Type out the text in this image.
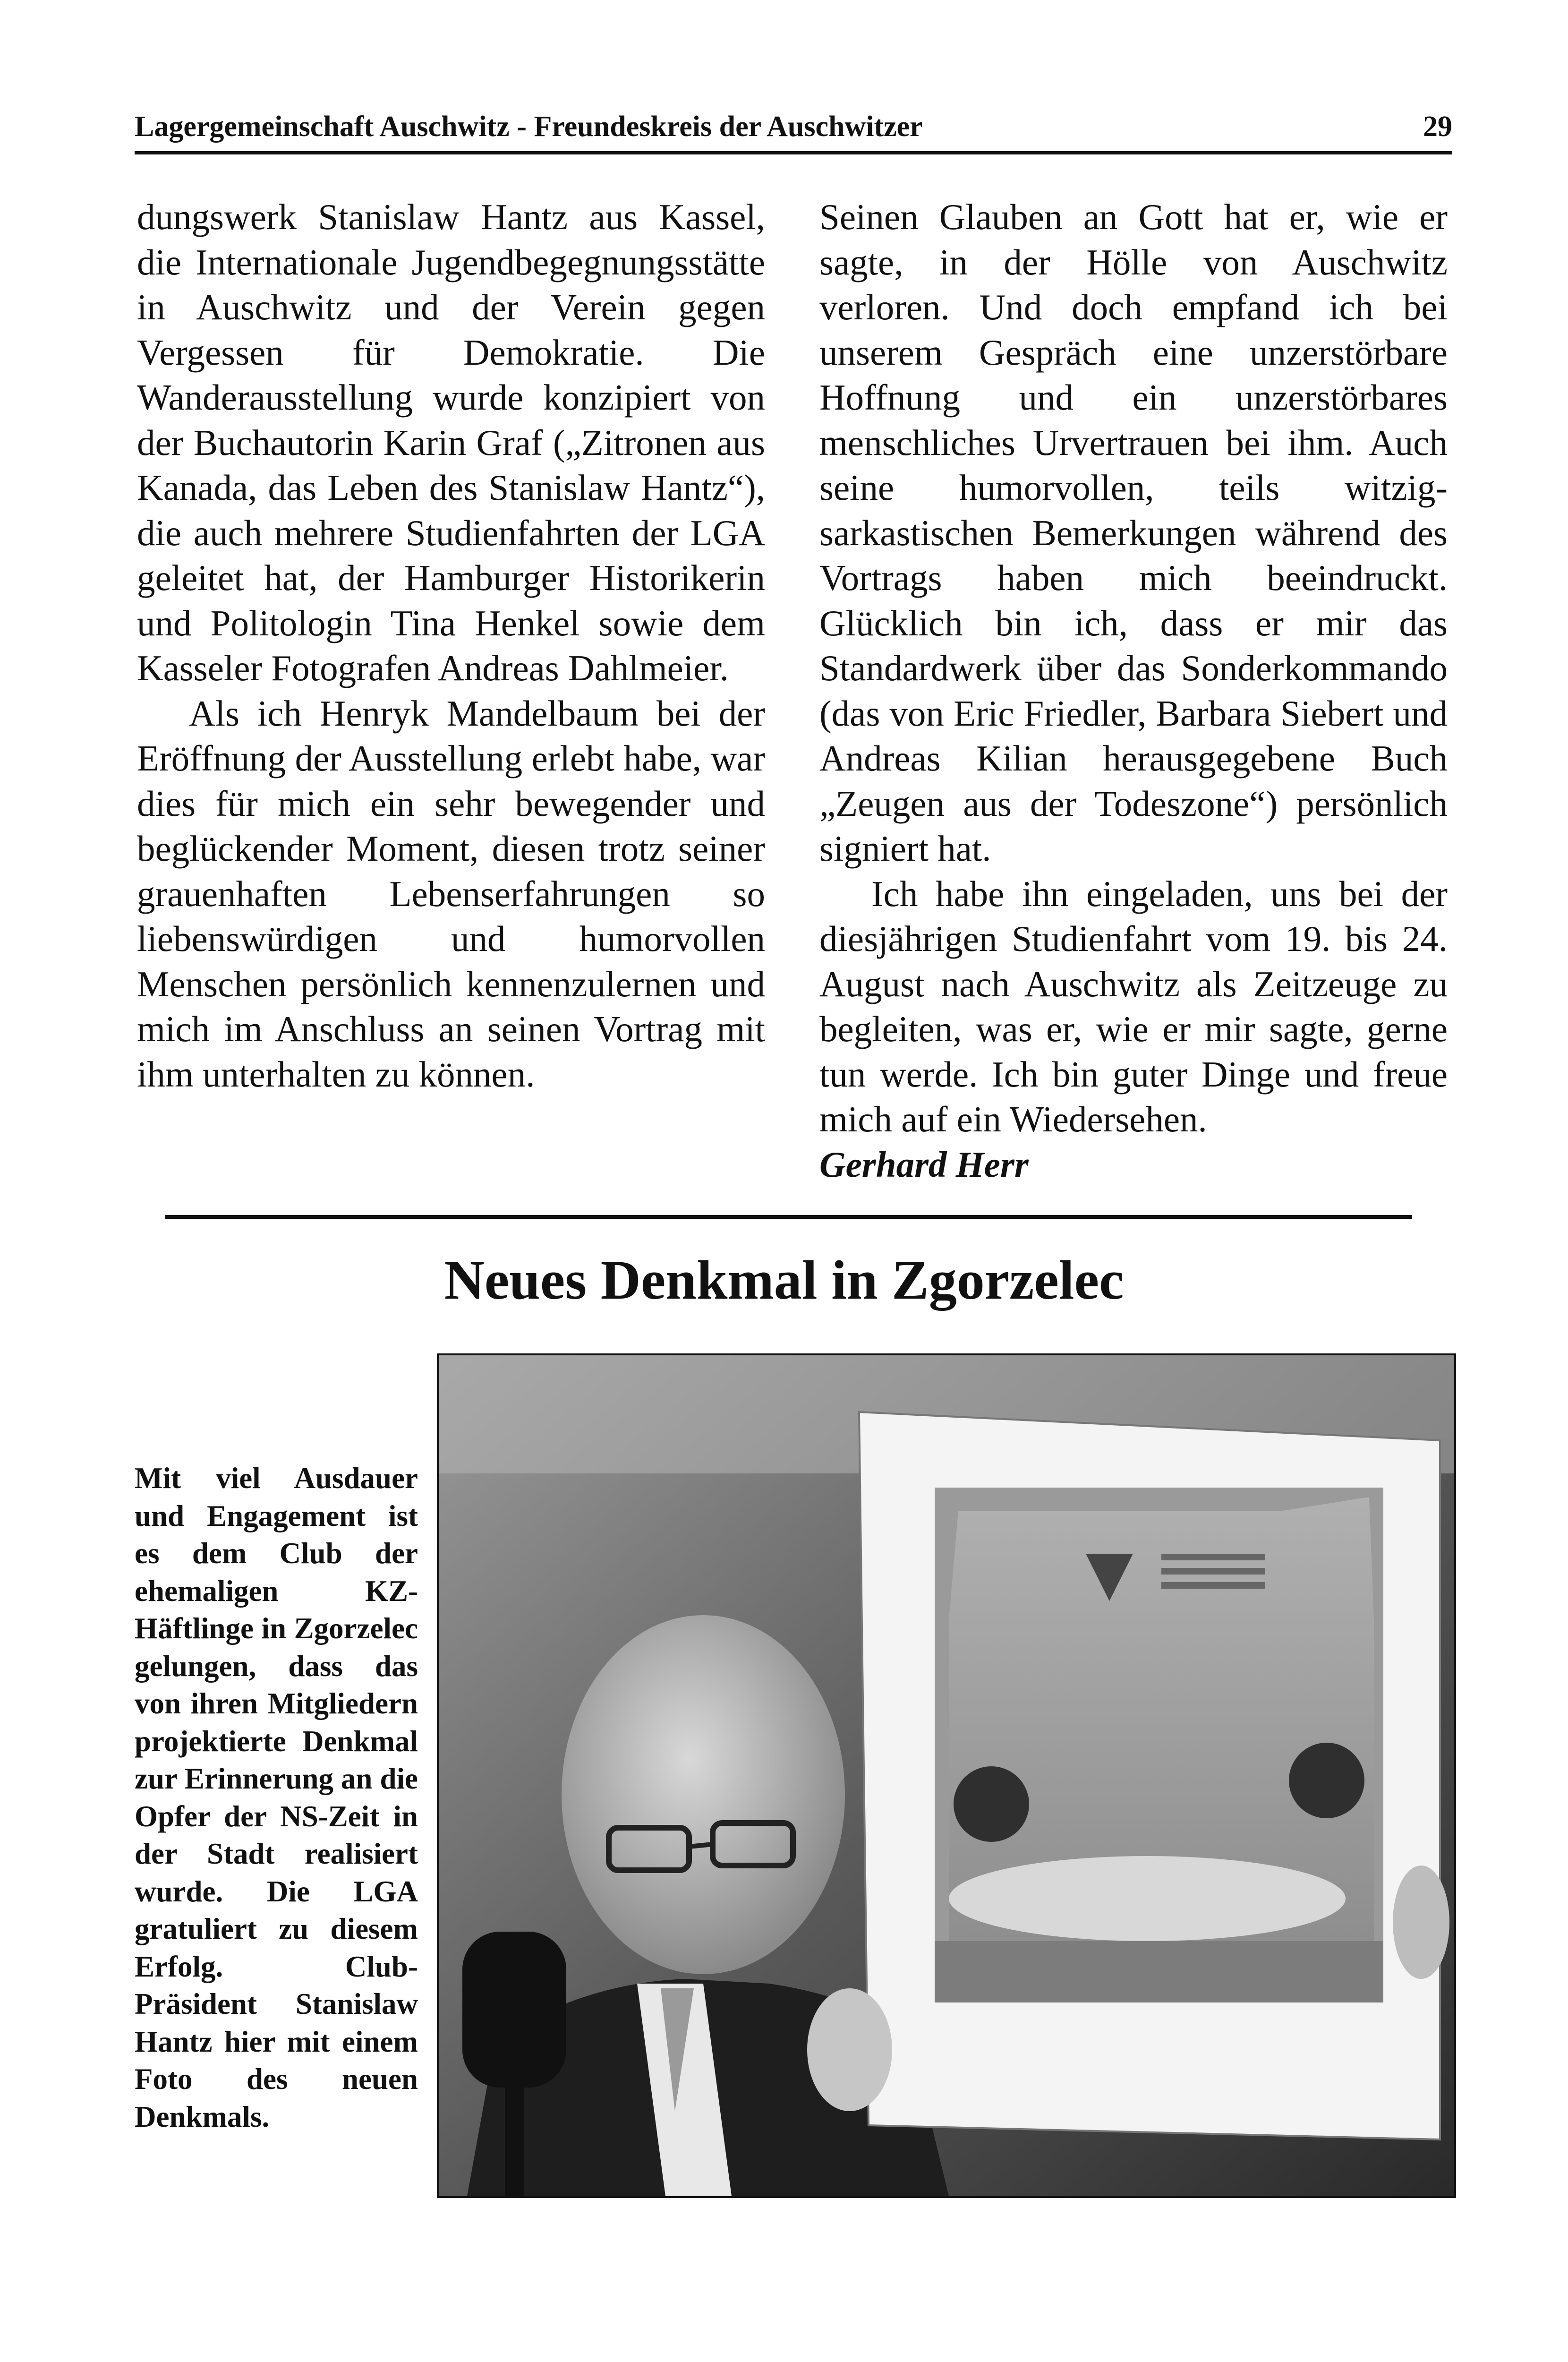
Lagergemeinschaft Auschwitz - Freundeskreis der Auschwitzer	29

dungswerk Stanislaw Hantz aus Kassel, die Internationale Jugendbegegnungsstätte in Auschwitz und der Verein gegen Vergessen für Demokratie. Die Wanderausstellung wurde konzipiert von der Buchautorin Karin Graf („Zitronen aus Kanada, das Leben des Stanislaw Hantz“), die auch mehrere Studienfahrten der LGA geleitet hat, der Hamburger Historikerin und Politologin Tina Henkel sowie dem Kasseler Fotografen Andreas Dahlmeier.

Als ich Henryk Mandelbaum bei der Eröffnung der Ausstellung erlebt habe, war dies für mich ein sehr bewegender und beglückender Moment, diesen trotz seiner grauenhaften Lebenserfahrungen so liebenswürdigen und humorvollen Menschen persönlich kennenzulernen und mich im Anschluss an seinen Vortrag mit ihm unterhalten zu können.

Seinen Glauben an Gott hat er, wie er sagte, in der Hölle von Auschwitz verloren. Und doch empfand ich bei unserem Gespräch eine unzerstörbare Hoffnung und ein unzerstörbares menschliches Urvertrauen bei ihm. Auch seine humorvollen, teils witzig-sarkastischen Bemerkungen während des Vortrags haben mich beeindruckt. Glücklich bin ich, dass er mir das Standardwerk über das Sonderkommando (das von Eric Friedler, Barbara Siebert und Andreas Kilian herausgegebene Buch „Zeugen aus der Todeszone“) persönlich signiert hat.

Ich habe ihn eingeladen, uns bei der diesjährigen Studienfahrt vom 19. bis 24. August nach Auschwitz als Zeitzeuge zu begleiten, was er, wie er mir sagte, gerne tun werde. Ich bin guter Dinge und freue mich auf ein Wiedersehen.

Gerhard Herr

Neues Denkmal in Zgorzelec
Mit viel Ausdauer und Engagement ist es dem Club der ehemaligen KZ-Häftlinge in Zgorzelec gelungen, dass das von ihren Mitgliedern projektierte Denkmal zur Erinnerung an die Opfer der NS-Zeit in der Stadt realisiert wurde. Die LGA gratuliert zu diesem Erfolg. Club-Präsident Stanislaw Hantz hier mit einem Foto des neuen Denkmals.
